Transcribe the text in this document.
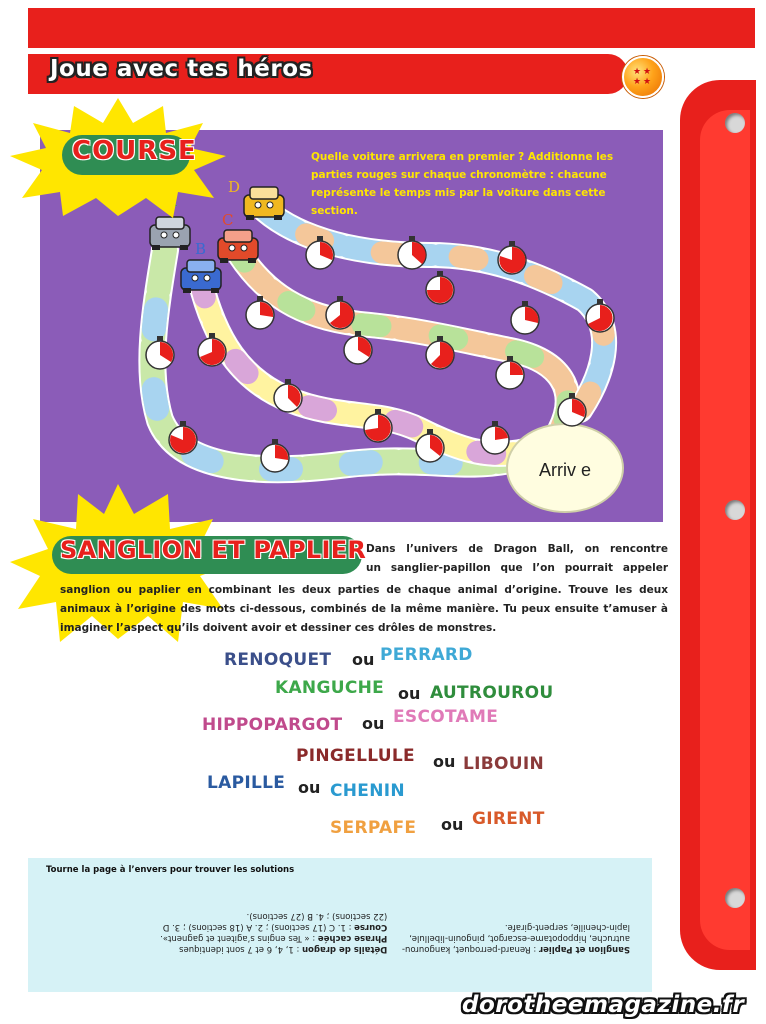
Joue avec tes héros	★ ★
★ ★
Arriv e
B
C
D
COURSE	Quelle voiture arrivera en premier ? Additionne les parties rouges sur chaque chronomètre : chacune représente le temps mis par la voiture dans cette section.
SANGLION ET PAPLIER Dans l’univers de Dragon Ball, on rencontre
un sanglier-papillon que l’on pourrait appeler
sanglion ou paplier en combinant les deux parties de chaque animal d’origine. Trouve les deux animaux à l’origine des mots ci-dessous, combinés de la même manière. Tu peux ensuite t’amuser à imaginer l’aspect qu’ils doivent avoir et dessiner ces drôles de monstres.
RENOQUET ou PERRARD
KANGUCHE ou AUTROUROU
HIPPOPARGOT ou ESCOTAME
PINGELLULE ou LIBOUIN
LAPILLE ou CHENIN
SERPAFE ou GIRENT
Tourne la page à l’envers pour trouver les solutions
Sanglion et Paplier : Renard-perroquet, kangourou-autruche, hippopotame-escargot, pingouin-libellule, lapin-chenille, serpent-girafe. Détails de dragon : 1, 4, 6 et 7 sont identiques
Phrase cachée : « Tes engins s’agitent et gagnent».
Course : 1. C (17 sections) ; 2. A (18 sections) ; 3. D (22 sections) ; 4. B (27 sections).
dorotheemagazine.fr
